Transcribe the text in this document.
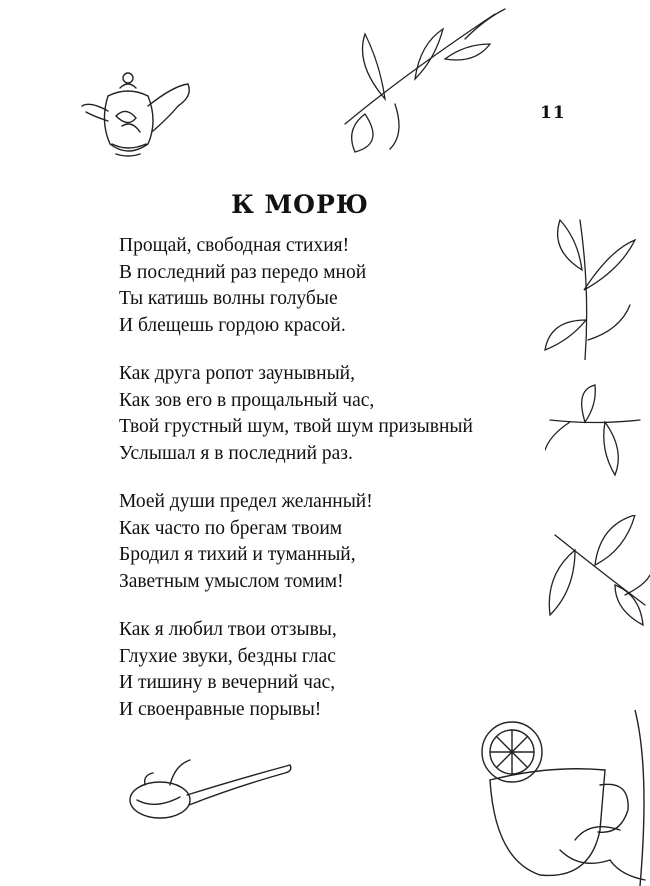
11
К МОРЮ
Прощай, свободная стихия!
В последний раз передо мной
Ты катишь волны голубые
И блещешь гордою красой.
Как друга ропот заунывный,
Как зов его в прощальный час,
Твой грустный шум, твой шум призывный
Услышал я в последний раз.
Моей души предел желанный!
Как часто по брегам твоим
Бродил я тихий и туманный,
Заветным умыслом томим!
Как я любил твои отзывы,
Глухие звуки, бездны глас
И тишину в вечерний час,
И своенравные порывы!
